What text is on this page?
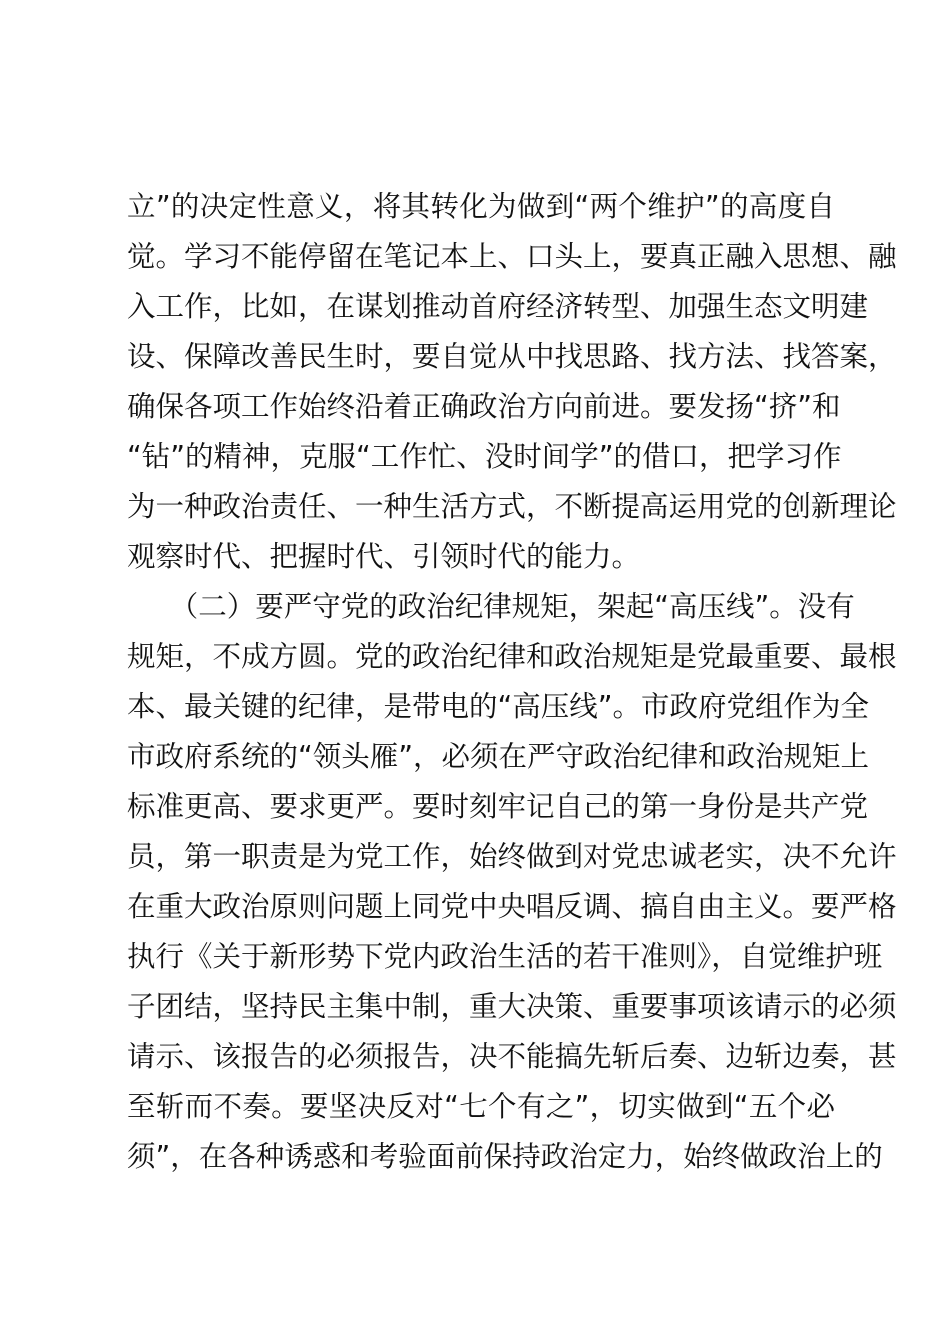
立”的决定性意义，将其转化为做到“两个维护”的高度自
觉。学习不能停留在笔记本上、口头上，要真正融入思想、融
入工作，比如，在谋划推动首府经济转型、加强生态文明建
设、保障改善民生时，要自觉从中找思路、找方法、找答案，
确保各项工作始终沿着正确政治方向前进。要发扬“挤”和
“钻”的精神，克服“工作忙、没时间学”的借口，把学习作
为一种政治责任、一种生活方式，不断提高运用党的创新理论
观察时代、把握时代、引领时代的能力。
　　（二）要严守党的政治纪律规矩，架起“高压线”。没有
规矩，不成方圆。党的政治纪律和政治规矩是党最重要、最根
本、最关键的纪律，是带电的“高压线”。市政府党组作为全
市政府系统的“领头雁”，必须在严守政治纪律和政治规矩上
标准更高、要求更严。要时刻牢记自己的第一身份是共产党
员，第一职责是为党工作，始终做到对党忠诚老实，决不允许
在重大政治原则问题上同党中央唱反调、搞自由主义。要严格
执行《关于新形势下党内政治生活的若干准则》，自觉维护班
子团结，坚持民主集中制，重大决策、重要事项该请示的必须
请示、该报告的必须报告，决不能搞先斩后奏、边斩边奏，甚
至斩而不奏。要坚决反对“七个有之”，切实做到“五个必
须”，在各种诱惑和考验面前保持政治定力，始终做政治上的
